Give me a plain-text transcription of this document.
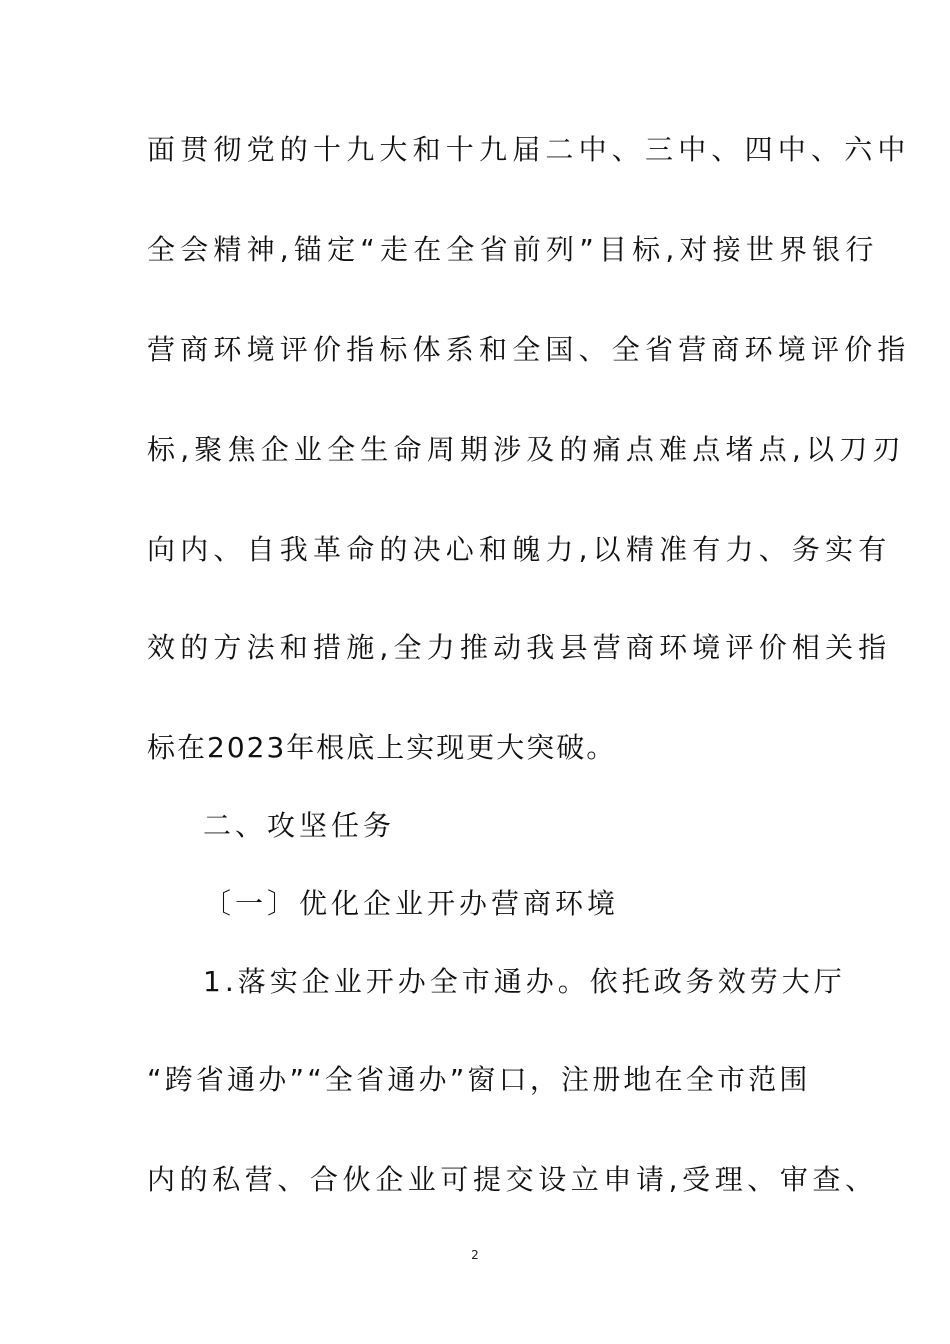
面贯彻党的十九大和十九届二中、三中、四中、六中
全会精神,锚定“走在全省前列”目标,对接世界银行
营商环境评价指标体系和全国、全省营商环境评价指
标,聚焦企业全生命周期涉及的痛点难点堵点,以刀刃
向内、自我革命的决心和魄力,以精准有力、务实有
效的方法和措施,全力推动我县营商环境评价相关指
标在2023年根底上实现更大突破。
二、攻坚任务
〔一〕优化企业开办营商环境
1.落实企业开办全市通办。依托政务效劳大厅
“跨省通办”“全省通办”窗口，注册地在全市范围
内的私营、合伙企业可提交设立申请,受理、审查、
2
